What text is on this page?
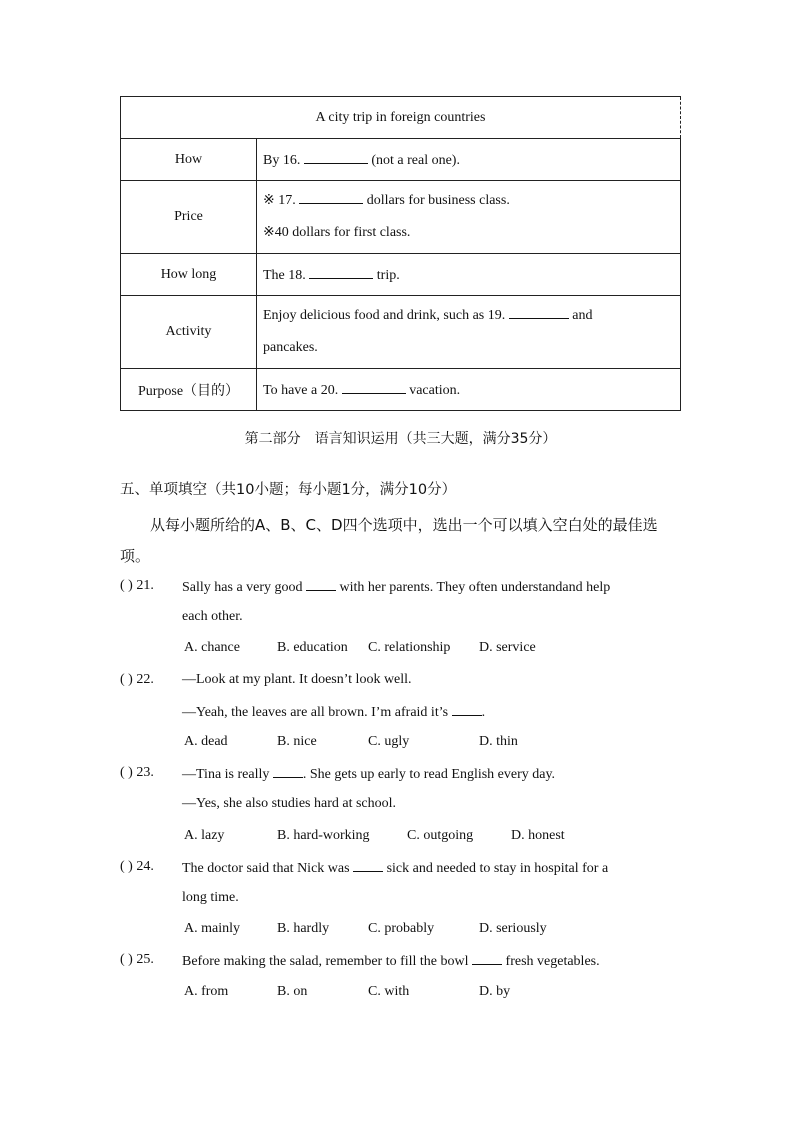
A city trip in foreign countries	
How	By 16. (not a real one).
Price	※ 17. dollars for business class.
※40 dollars for first class.

How long	The 18. trip.
Activity	Enjoy delicious food and drink, such as 19. and
pancakes.

Purpose（目的）	To have a 20. vacation.
第二部分　语言知识运用（共三大题，满分35分）
五、单项填空（共10小题；每小题1分，满分10分）
从每小题所给的A、B、C、D四个选项中，选出一个可以填入空白处的最佳选项。
( ) 21. Sally has a very good  with her parents. They often understandand help
each other.
A. chance	B. education C. relationship D. service
( ) 22. —Look at my plant. It doesn’t look well.
—Yeah, the leaves are all brown. I’m afraid it’s .
A. dead	B. nice	C. ugly	D. thin
( ) 23. —Tina is really . She gets up early to read English every day.
—Yes, she also studies hard at school.
A. lazy	B. hard-working	C. outgoing	D. honest
( ) 24. The doctor said that Nick was  sick and needed to stay in hospital for a
long time.
A. mainly	B. hardly	C. probably	D. seriously
( ) 25. Before making the salad, remember to fill the bowl  fresh vegetables.
A. from	B. on	C. with	D. by
